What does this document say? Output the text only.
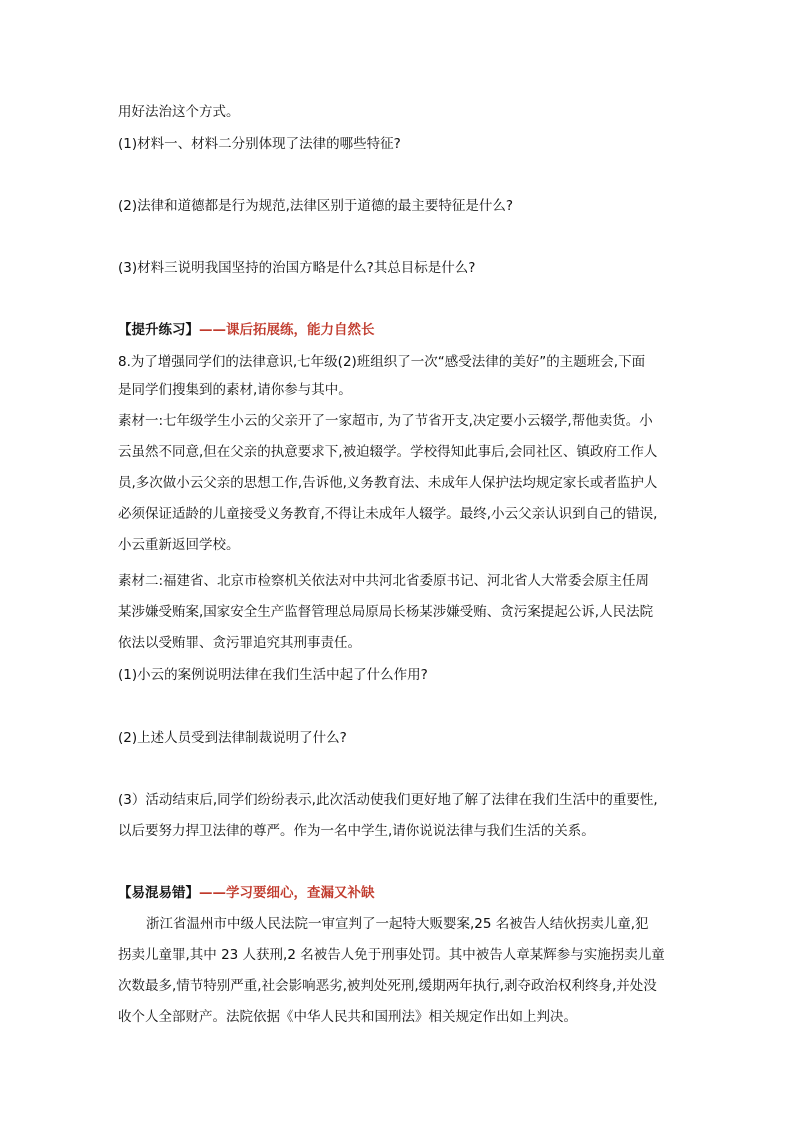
用好法治这个方式。
(1)材料一、材料二分别体现了法律的哪些特征?
(2)法律和道德都是行为规范,法律区别于道德的最主要特征是什么?
(3)材料三说明我国坚持的治国方略是什么?其总目标是什么?
【提升练习】——课后拓展练，能力自然长
8.为了增强同学们的法律意识,七年级(2)班组织了一次“感受法律的美好”的主题班会,下面
是同学们搜集到的素材,请你参与其中。
素材一:七年级学生小云的父亲开了一家超市, 为了节省开支,决定要小云辍学,帮他卖货。小
云虽然不同意,但在父亲的执意要求下,被迫辍学。学校得知此事后,会同社区、镇政府工作人
员,多次做小云父亲的思想工作,告诉他,义务教育法、未成年人保护法均规定家长或者监护人
必须保证适龄的儿童接受义务教育,不得让未成年人辍学。最终,小云父亲认识到自己的错误,
小云重新返回学校。
素材二:福建省、北京市检察机关依法对中共河北省委原书记、河北省人大常委会原主任周
某涉嫌受贿案,国家安全生产监督管理总局原局长杨某涉嫌受贿、贪污案提起公诉,人民法院
依法以受贿罪、贪污罪追究其刑事责任。
(1)小云的案例说明法律在我们生活中起了什么作用?
(2)上述人员受到法律制裁说明了什么?
(3）活动结束后,同学们纷纷表示,此次活动使我们更好地了解了法律在我们生活中的重要性,
以后要努力捍卫法律的尊严。作为一名中学生,请你说说法律与我们生活的关系。
【易混易错】——学习要细心，查漏又补缺
浙江省温州市中级人民法院一审宣判了一起特大贩婴案,25 名被告人结伙拐卖儿童,犯
拐卖儿童罪,其中 23 人获刑,2 名被告人免于刑事处罚。其中被告人章某辉参与实施拐卖儿童
次数最多,情节特别严重,社会影响恶劣,被判处死刑,缓期两年执行,剥夺政治权利终身,并处没
收个人全部财产。法院依据《中华人民共和国刑法》相关规定作出如上判决。
